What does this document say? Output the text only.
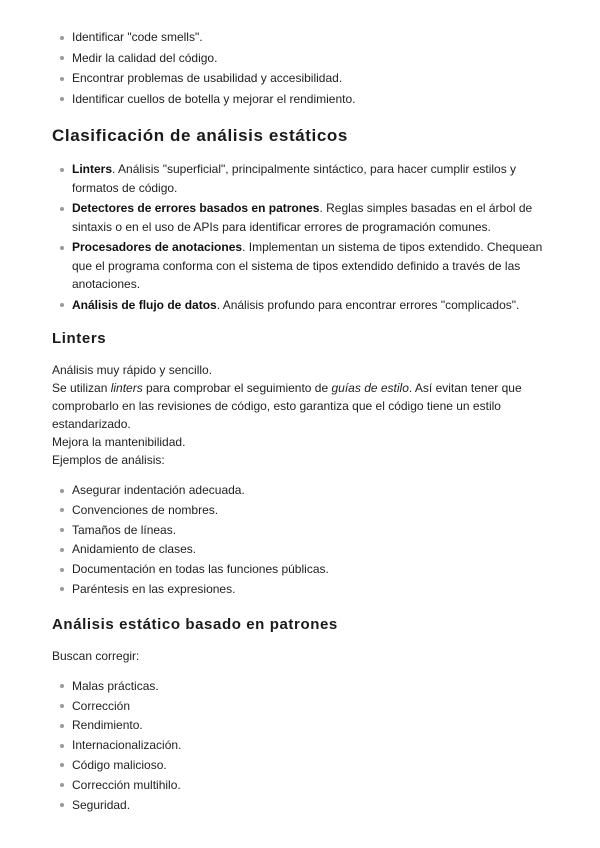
Identificar "code smells".
Medir la calidad del código.
Encontrar problemas de usabilidad y accesibilidad.
Identificar cuellos de botella y mejorar el rendimiento.
Clasificación de análisis estáticos
Linters. Análisis "superficial", principalmente sintáctico, para hacer cumplir estilos y formatos de código.
Detectores de errores basados en patrones. Reglas simples basadas en el árbol de sintaxis o en el uso de APIs para identificar errores de programación comunes.
Procesadores de anotaciones. Implementan un sistema de tipos extendido. Chequean que el programa conforma con el sistema de tipos extendido definido a través de las anotaciones.
Análisis de flujo de datos. Análisis profundo para encontrar errores "complicados".
Linters

Análisis muy rápido y sencillo.

Se utilizan linters para comprobar el seguimiento de guías de estilo. Así evitan tener que comprobarlo en las revisiones de código, esto garantiza que el código tiene un estilo estandarizado.

Mejora la mantenibilidad.

Ejemplos de análisis:

Asegurar indentación adecuada.
Convenciones de nombres.
Tamaños de líneas.
Anidamiento de clases.
Documentación en todas las funciones públicas.
Paréntesis en las expresiones.
Análisis estático basado en patrones

Buscan corregir:

Malas prácticas.
Corrección
Rendimiento.
Internacionalización.
Código malicioso.
Corrección multihilo.
Seguridad.
